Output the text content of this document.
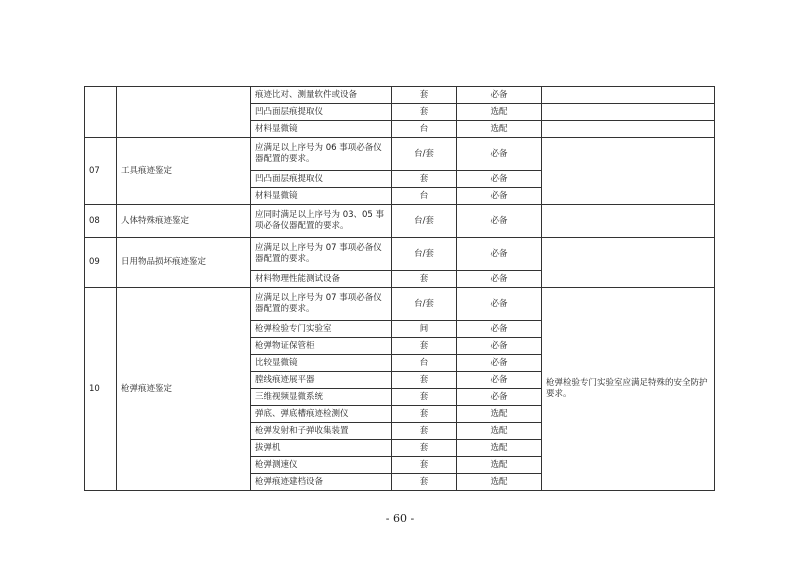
		痕迹比对、测量软件或设备	套	必备	
		凹凸面层痕提取仪	套	选配	
		材料显微镜	台	选配	
07	工具痕迹鉴定	应满足以上序号为 06 事项必备仪器配置的要求。	台/套	必备	
		凹凸面层痕提取仪	套	必备	
		材料显微镜	台	必备	
08	人体特殊痕迹鉴定	应同时满足以上序号为 03、05 事项必备仪器配置的要求。	台/套	必备	
09	日用物品损坏痕迹鉴定	应满足以上序号为 07 事项必备仪器配置的要求。	台/套	必备	
		材料物理性能测试设备	套	必备	
10	枪弹痕迹鉴定	应满足以上序号为 07 事项必备仪器配置的要求。	台/套	必备	枪弹检验专门实验室应满足特殊的安全防护要求。
		枪弹检验专门实验室	间	必备	
		枪弹物证保管柜	套	必备	
		比较显微镜	台	必备	
		膛线痕迹展平器	套	必备	
		三维视频显微系统	套	必备	
		弹底、弹底槽痕迹检测仪	套	选配	
		枪弹发射和子弹收集装置	套	选配	
		拔弹机	套	选配	
		枪弹测速仪	套	选配	
		枪弹痕迹建档设备	套	选配	
- 60 -
